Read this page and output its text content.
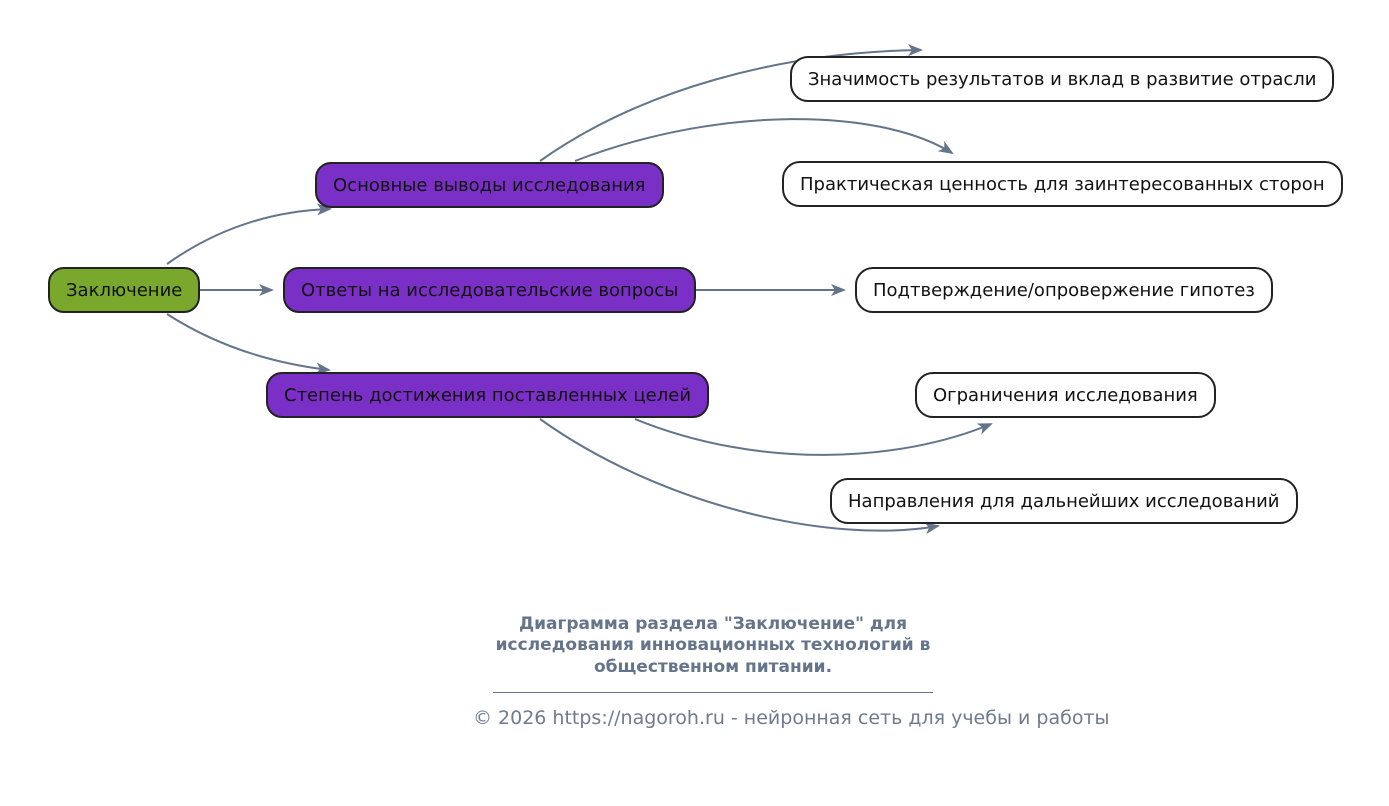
Заключение
Основные выводы исследования
Ответы на исследовательские вопросы
Степень достижения поставленных целей
Значимость результатов и вклад в развитие отрасли
Практическая ценность для заинтересованных сторон
Подтверждение/опровержение гипотез
Ограничения исследования
Направления для дальнейших исследований
Диаграмма раздела "Заключение" для исследования инновационных технологий в общественном питании.
© 2026 https://nagoroh.ru - нейронная сеть для учебы и работы
